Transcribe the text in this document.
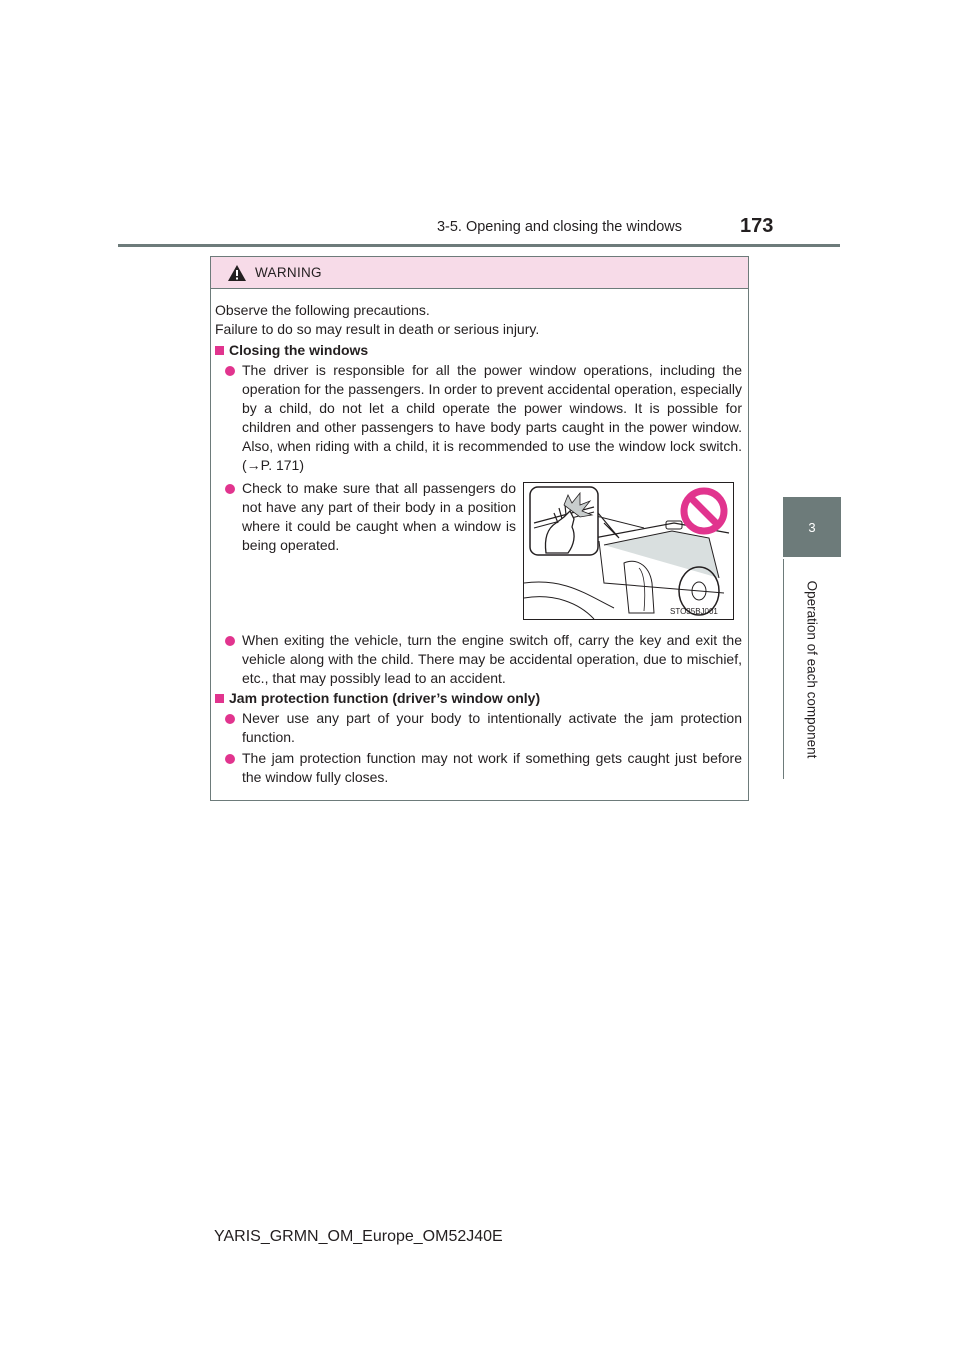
3-5. Opening and closing the windows	173
3
Operation of each component
WARNING

Observe the following precautions.

Failure to do so may result in death or serious injury.

Closing the windows
The driver is responsible for all the power window operations, including the operation for the passengers. In order to prevent accidental operation, especially by a child, do not let a child operate the power windows. It is possible for children and other passengers to have body parts caught in the power window. Also, when riding with a child, it is recommended to use the window lock switch. (→P. 171)
Check to make sure that all passengers do not have any part of their body in a position where it could be caught when a window is being operated.
STO35BJ001
When exiting the vehicle, turn the engine switch off, carry the key and exit the vehicle along with the child. There may be accidental operation, due to mischief, etc., that may possibly lead to an accident.
Jam protection function (driver’s window only)
Never use any part of your body to intentionally activate the jam protection function.
The jam protection function may not work if something gets caught just before the window fully closes.
YARIS_GRMN_OM_Europe_OM52J40E
